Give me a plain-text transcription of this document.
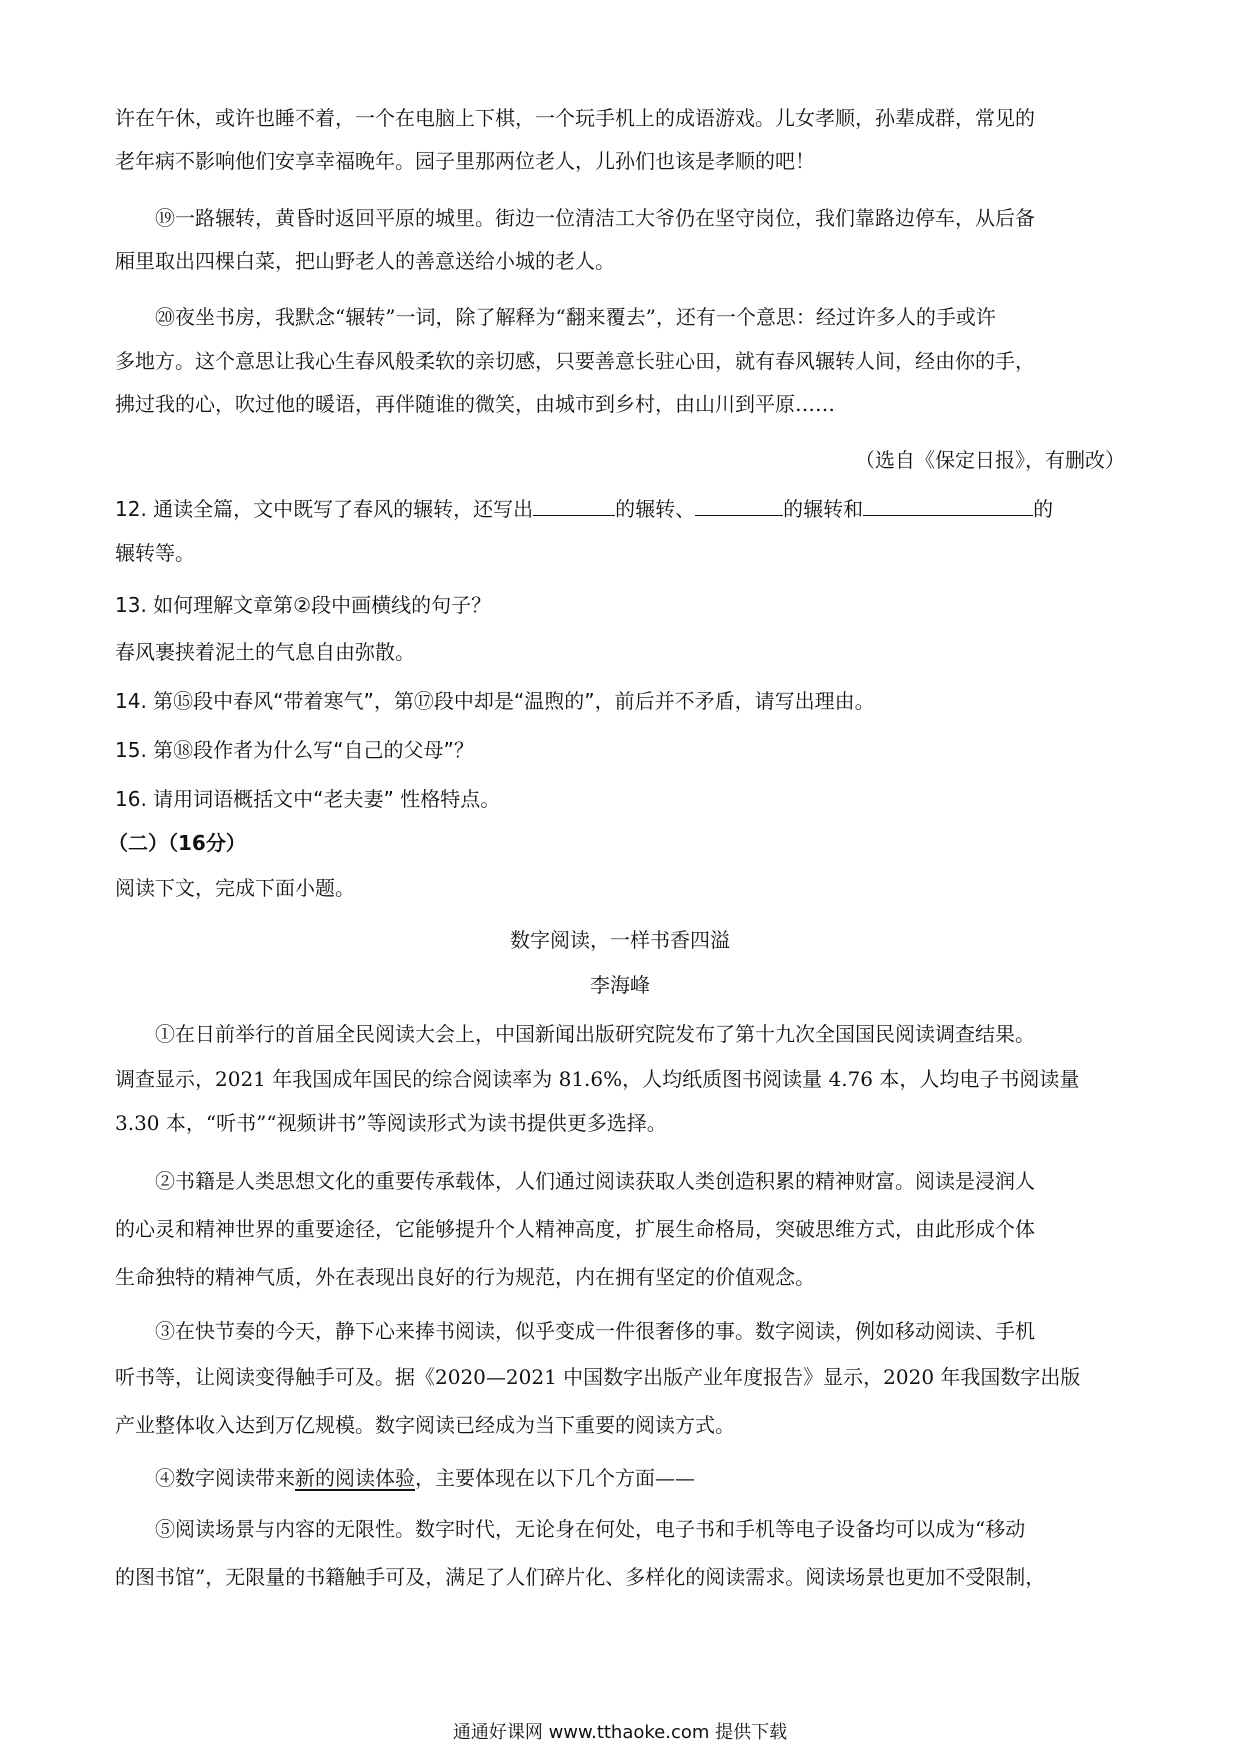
许在午休，或许也睡不着，一个在电脑上下棋，一个玩手机上的成语游戏。儿女孝顺，孙辈成群，常见的
老年病不影响他们安享幸福晚年。园子里那两位老人，儿孙们也该是孝顺的吧！
⑲一路辗转，黄昏时返回平原的城里。街边一位清洁工大爷仍在坚守岗位，我们靠路边停车，从后备
厢里取出四棵白菜，把山野老人的善意送给小城的老人。
⑳夜坐书房，我默念“辗转”一词，除了解释为“翻来覆去”，还有一个意思：经过许多人的手或许
多地方。这个意思让我心生春风般柔软的亲切感，只要善意长驻心田，就有春风辗转人间，经由你的手，
拂过我的心，吹过他的暖语，再伴随谁的微笑，由城市到乡村，由山川到平原……
（选自《保定日报》，有删改）
12. 通读全篇，文中既写了春风的辗转，还写出	的辗转、	的辗转和	的
辗转等。
13. 如何理解文章第②段中画横线的句子？
春风裹挟着泥土的气息自由弥散。
14. 第⑮段中春风“带着寒气”，第⑰段中却是“温煦的”，前后并不矛盾，请写出理由。
15. 第⑱段作者为什么写“自己的父母”？
16. 请用词语概括文中“老夫妻” 性格特点。
（二）（16分）
阅读下文，完成下面小题。
数字阅读，一样书香四溢
李海峰
①在日前举行的首届全民阅读大会上，中国新闻出版研究院发布了第十九次全国国民阅读调查结果。
调查显示，2021 年我国成年国民的综合阅读率为 81.6%，人均纸质图书阅读量 4.76 本，人均电子书阅读量
3.30 本，“听书”“视频讲书”等阅读形式为读书提供更多选择。
②书籍是人类思想文化的重要传承载体，人们通过阅读获取人类创造积累的精神财富。阅读是浸润人
的心灵和精神世界的重要途径，它能够提升个人精神高度，扩展生命格局，突破思维方式，由此形成个体
生命独特的精神气质，外在表现出良好的行为规范，内在拥有坚定的价值观念。
③在快节奏的今天，静下心来捧书阅读，似乎变成一件很奢侈的事。数字阅读，例如移动阅读、手机
听书等，让阅读变得触手可及。据《2020—2021 中国数字出版产业年度报告》显示，2020 年我国数字出版
产业整体收入达到万亿规模。数字阅读已经成为当下重要的阅读方式。
④数字阅读带来新的阅读体验，主要体现在以下几个方面——
⑤阅读场景与内容的无限性。数字时代，无论身在何处，电子书和手机等电子设备均可以成为“移动
的图书馆”，无限量的书籍触手可及，满足了人们碎片化、多样化的阅读需求。阅读场景也更加不受限制，
通通好课网 www.tthaoke.com 提供下载
